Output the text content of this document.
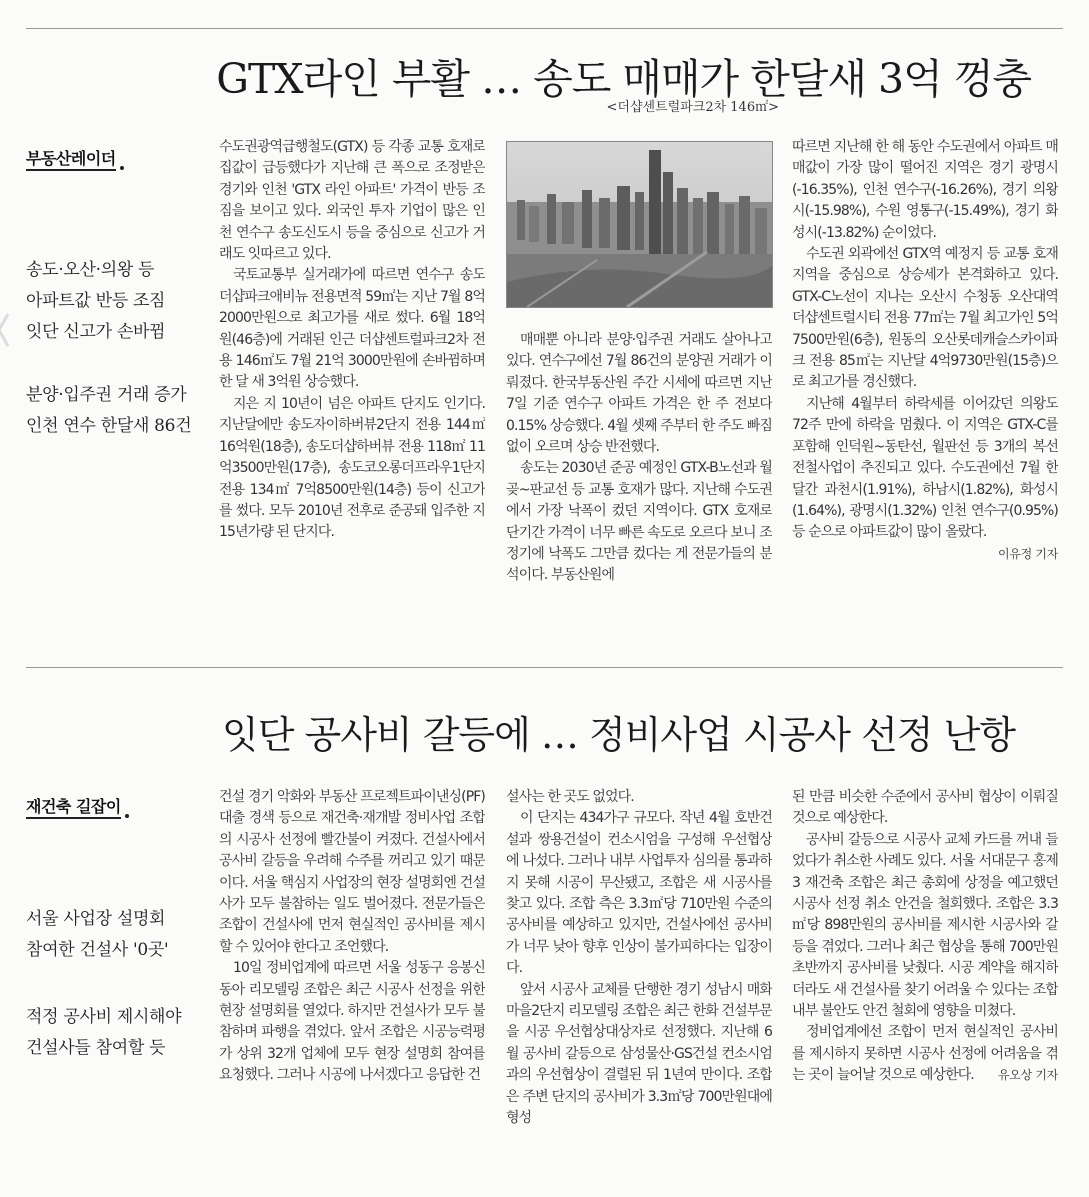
GTX라인 부활 … 송도 매매가 한달새 3억 껑충
<더샵센트럴파크2차 146㎡>
부동산레이더

송도·오산·의왕 등

아파트값 반등 조짐

잇단 신고가 손바뀜

분양·입주권 거래 증가

인천 연수 한달새 86건

수도권광역급행철도(GTX) 등 각종 교통 호재로 집값이 급등했다가 지난해 큰 폭으로 조정받은 경기와 인천 'GTX 라인 아파트' 가격이 반등 조짐을 보이고 있다. 외국인 투자 기업이 많은 인천 연수구 송도신도시 등을 중심으로 신고가 거래도 잇따르고 있다.

국토교통부 실거래가에 따르면 연수구 송도더샵파크애비뉴 전용면적 59㎡는 지난 7월 8억2000만원으로 최고가를 새로 썼다. 6월 18억원(46층)에 거래된 인근 더샵센트럴파크2차 전용 146㎡도 7월 21억 3000만원에 손바뀜하며 한 달 새 3억원 상승했다.

지은 지 10년이 넘은 아파트 단지도 인기다. 지난달에만 송도자이하버뷰2단지 전용 144㎡ 16억원(18층), 송도더샵하버뷰 전용 118㎡ 11억3500만원(17층), 송도코오롱더프라우1단지 전용 134㎡ 7억8500만원(14층) 등이 신고가를 썼다. 모두 2010년 전후로 준공돼 입주한 지 15년가량 된 단지다.

매매뿐 아니라 분양·입주권 거래도 살아나고 있다. 연수구에선 7월 86건의 분양권 거래가 이뤄졌다. 한국부동산원 주간 시세에 따르면 지난 7일 기준 연수구 아파트 가격은 한 주 전보다 0.15% 상승했다. 4월 셋째 주부터 한 주도 빠짐없이 오르며 상승 반전했다.

송도는 2030년 준공 예정인 GTX-B노선과 월곶~판교선 등 교통 호재가 많다. 지난해 수도권에서 가장 낙폭이 컸던 지역이다. GTX 호재로 단기간 가격이 너무 빠른 속도로 오르다 보니 조정기에 낙폭도 그만큼 컸다는 게 전문가들의 분석이다. 부동산원에

따르면 지난해 한 해 동안 수도권에서 아파트 매매값이 가장 많이 떨어진 지역은 경기 광명시(-16.35%), 인천 연수구(-16.26%), 경기 의왕시(-15.98%), 수원 영통구(-15.49%), 경기 화성시(-13.82%) 순이었다.

수도권 외곽에선 GTX역 예정지 등 교통 호재 지역을 중심으로 상승세가 본격화하고 있다. GTX-C노선이 지나는 오산시 수청동 오산대역더샵센트럴시티 전용 77㎡는 7월 최고가인 5억7500만원(6층), 원동의 오산롯데캐슬스카이파크 전용 85㎡는 지난달 4억9730만원(15층)으로 최고가를 경신했다.

지난해 4월부터 하락세를 이어갔던 의왕도 72주 만에 하락을 멈췄다. 이 지역은 GTX-C를 포함해 인덕원~동탄선, 월판선 등 3개의 복선전철사업이 추진되고 있다. 수도권에선 7월 한 달간 과천시(1.91%), 하남시(1.82%), 화성시(1.64%), 광명시(1.32%) 인천 연수구(0.95%) 등 순으로 아파트값이 많이 올랐다.
이유정 기자

잇단 공사비 갈등에 … 정비사업 시공사 선정 난항
재건축 길잡이

서울 사업장 설명회

참여한 건설사 '0곳'

적정 공사비 제시해야

건설사들 참여할 듯

건설 경기 악화와 부동산 프로젝트파이낸싱(PF) 대출 경색 등으로 재건축·재개발 정비사업 조합의 시공사 선정에 빨간불이 켜졌다. 건설사에서 공사비 갈등을 우려해 수주를 꺼리고 있기 때문이다. 서울 핵심지 사업장의 현장 설명회엔 건설사가 모두 불참하는 일도 벌어졌다. 전문가들은 조합이 건설사에 먼저 현실적인 공사비를 제시할 수 있어야 한다고 조언했다.

10일 정비업계에 따르면 서울 성동구 응봉신동아 리모델링 조합은 최근 시공사 선정을 위한 현장 설명회를 열었다. 하지만 건설사가 모두 불참하며 파행을 겪었다. 앞서 조합은 시공능력평가 상위 32개 업체에 모두 현장 설명회 참여를 요청했다. 그러나 시공에 나서겠다고 응답한 건

설사는 한 곳도 없었다.

이 단지는 434가구 규모다. 작년 4월 호반건설과 쌍용건설이 컨소시엄을 구성해 우선협상에 나섰다. 그러나 내부 사업투자 심의를 통과하지 못해 시공이 무산됐고, 조합은 새 시공사를 찾고 있다. 조합 측은 3.3㎡당 710만원 수준의 공사비를 예상하고 있지만, 건설사에선 공사비가 너무 낮아 향후 인상이 불가피하다는 입장이다.

앞서 시공사 교체를 단행한 경기 성남시 매화마을2단지 리모델링 조합은 최근 한화 건설부문을 시공 우선협상대상자로 선정했다. 지난해 6월 공사비 갈등으로 삼성물산·GS건설 컨소시엄과의 우선협상이 결렬된 뒤 1년여 만이다. 조합은 주변 단지의 공사비가 3.3㎡당 700만원대에 형성

된 만큼 비슷한 수준에서 공사비 협상이 이뤄질 것으로 예상한다.

공사비 갈등으로 시공사 교체 카드를 꺼내 들었다가 취소한 사례도 있다. 서울 서대문구 홍제3 재건축 조합은 최근 총회에 상정을 예고했던 시공사 선정 취소 안건을 철회했다. 조합은 3.3㎡당 898만원의 공사비를 제시한 시공사와 갈등을 겪었다. 그러나 최근 협상을 통해 700만원 초반까지 공사비를 낮췄다. 시공 계약을 해지하더라도 새 건설사를 찾기 어려울 수 있다는 조합 내부 불안도 안건 철회에 영향을 미쳤다.

정비업계에선 조합이 먼저 현실적인 공사비를 제시하지 못하면 시공사 선정에 어려움을 겪는 곳이 늘어날 것으로 예상한다.	유오상 기자
